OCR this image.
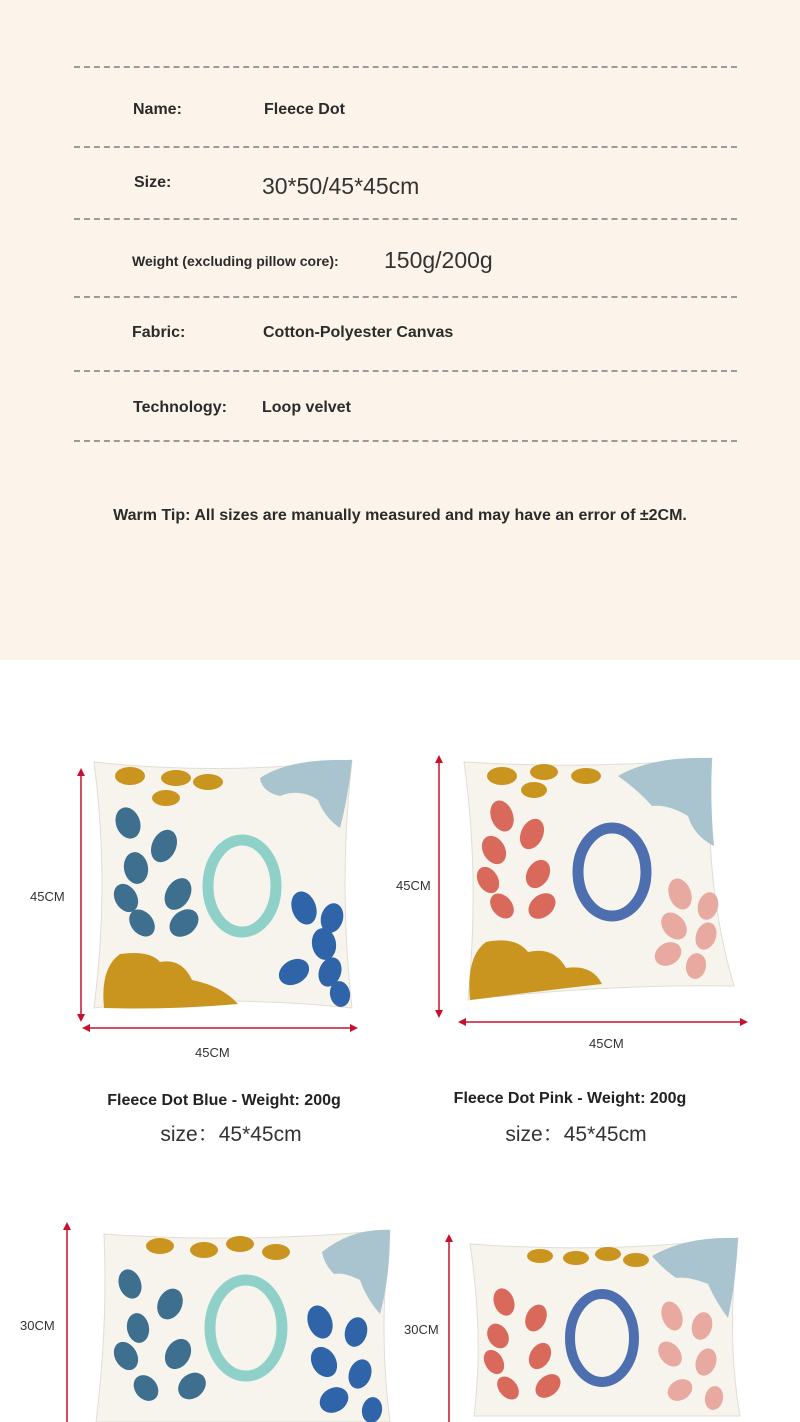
Name:	Fleece Dot
Size:	30*50/45*45cm
Weight (excluding pillow core): 150g/200g
Fabric:	Cotton-Polyester Canvas
Technology: Loop velvet
Warm Tip: All sizes are manually measured and may have an error of ±2CM.
45CM
45CM
Fleece Dot Blue - Weight: 200g
size：45*45cm
45CM
45CM
Fleece Dot Pink - Weight: 200g
size：45*45cm
30CM	30CM
